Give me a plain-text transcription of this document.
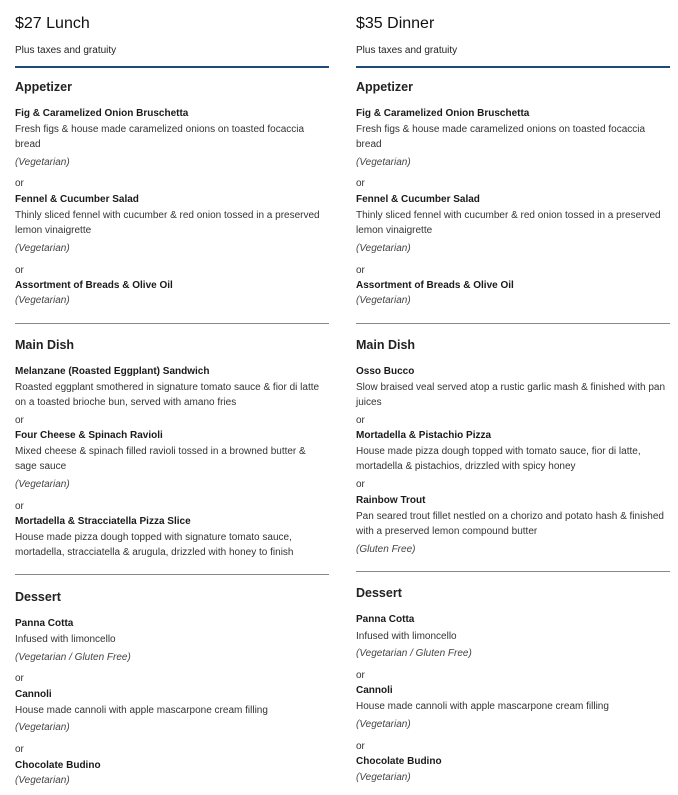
$27 Lunch

Plus taxes and gratuity

Appetizer

Fig & Caramelized Onion Bruschetta

Fresh figs & house made caramelized onions on toasted focaccia bread

(Vegetarian)

or

Fennel & Cucumber Salad

Thinly sliced fennel with cucumber & red onion tossed in a preserved lemon vinaigrette

(Vegetarian)

or

Assortment of Breads & Olive Oil

(Vegetarian)

Main Dish

Melanzane (Roasted Eggplant) Sandwich

Roasted eggplant smothered in signature tomato sauce & fior di latte on a toasted brioche bun, served with amano fries

or

Four Cheese & Spinach Ravioli

Mixed cheese & spinach filled ravioli tossed in a browned butter & sage sauce

(Vegetarian)

or

Mortadella & Stracciatella Pizza Slice

House made pizza dough topped with signature tomato sauce, mortadella, stracciatella & arugula, drizzled with honey to finish

Dessert

Panna Cotta

Infused with limoncello

(Vegetarian / Gluten Free)

or

Cannoli

House made cannoli with apple mascarpone cream filling

(Vegetarian)

or

Chocolate Budino

(Vegetarian)

$35 Dinner

Plus taxes and gratuity

Appetizer

Fig & Caramelized Onion Bruschetta

Fresh figs & house made caramelized onions on toasted focaccia bread

(Vegetarian)

or

Fennel & Cucumber Salad

Thinly sliced fennel with cucumber & red onion tossed in a preserved lemon vinaigrette

(Vegetarian)

or

Assortment of Breads & Olive Oil

(Vegetarian)

Main Dish

Osso Bucco

Slow braised veal served atop a rustic garlic mash & finished with pan juices

or

Mortadella & Pistachio Pizza

House made pizza dough topped with tomato sauce, fior di latte, mortadella & pistachios, drizzled with spicy honey

or

Rainbow Trout

Pan seared trout fillet nestled on a chorizo and potato hash & finished with a preserved lemon compound butter

(Gluten Free)

Dessert

Panna Cotta

Infused with limoncello

(Vegetarian / Gluten Free)

or

Cannoli

House made cannoli with apple mascarpone cream filling

(Vegetarian)

or

Chocolate Budino

(Vegetarian)
